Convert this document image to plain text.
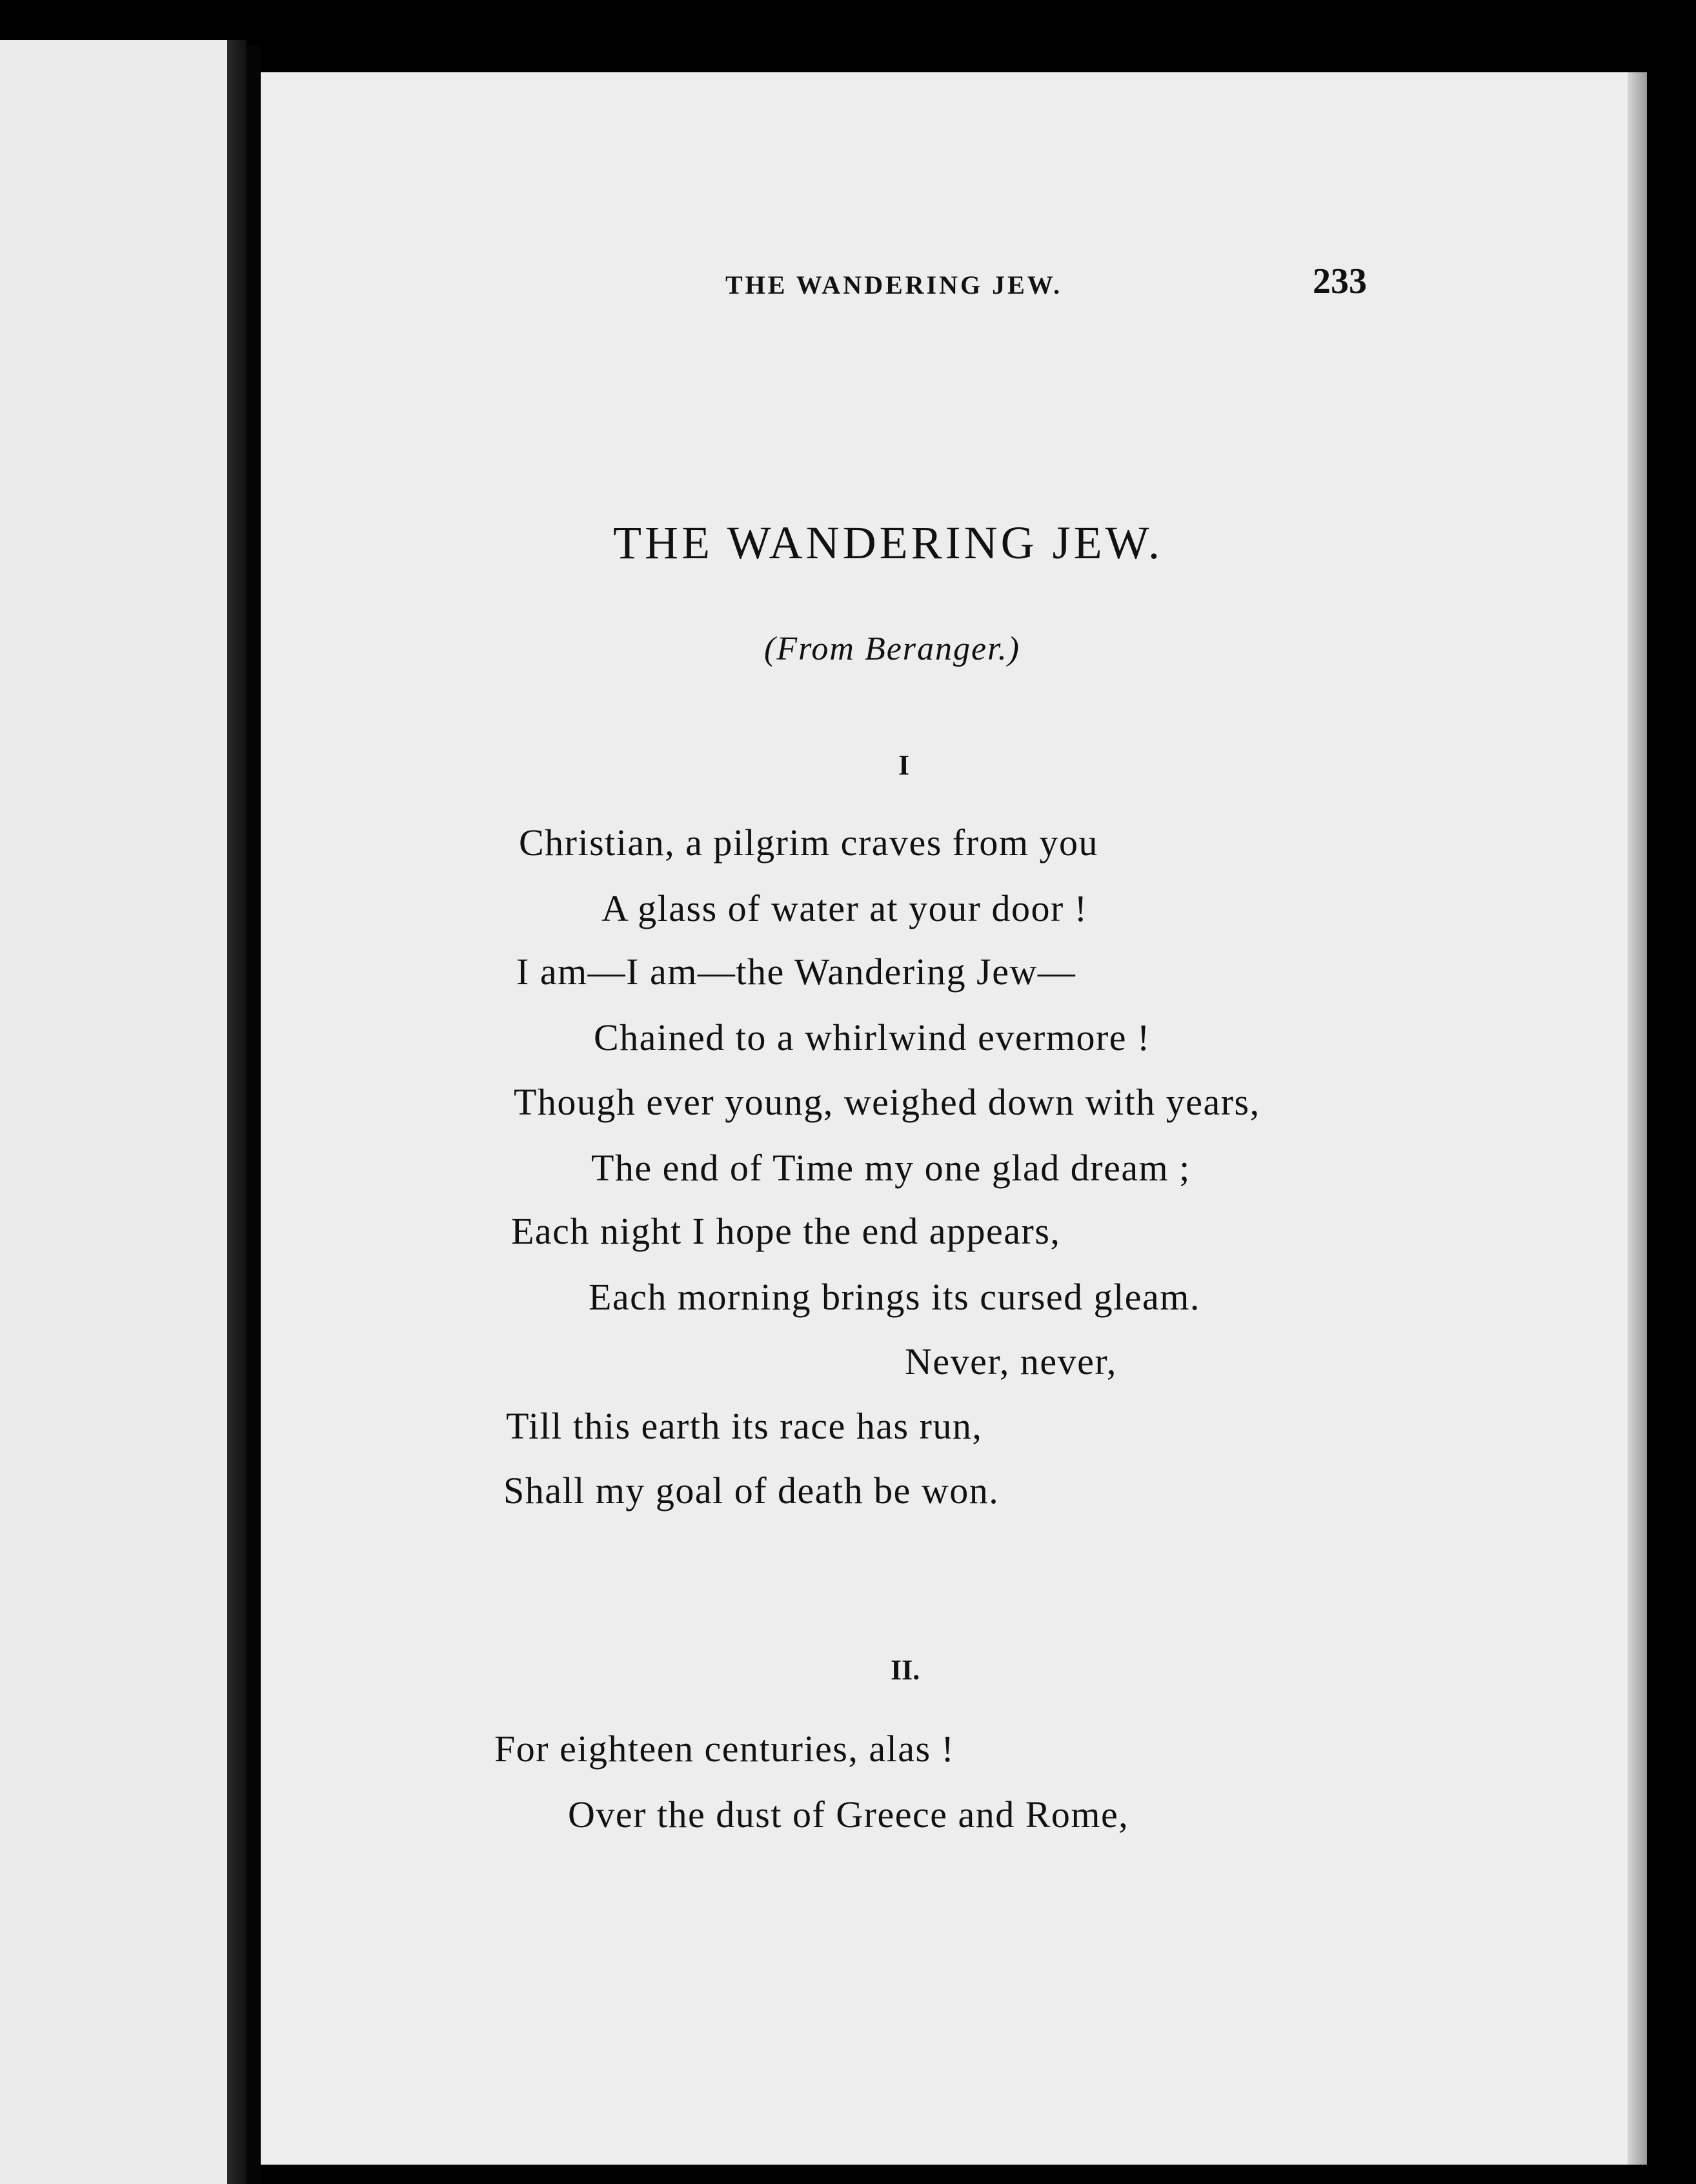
THE WANDERING JEW.	233
THE WANDERING JEW.
(From Beranger.)
I
Christian, a pilgrim craves from you
A glass of water at your door !
I am—I am—the Wandering Jew—
Chained to a whirlwind evermore !
Though ever young, weighed down with years,
The end of Time my one glad dream ;
Each night I hope the end appears,
Each morning brings its cursed gleam.
Never, never,
Till this earth its race has run,
Shall my goal of death be won.
II.
For eighteen centuries, alas !
Over the dust of Greece and Rome,
